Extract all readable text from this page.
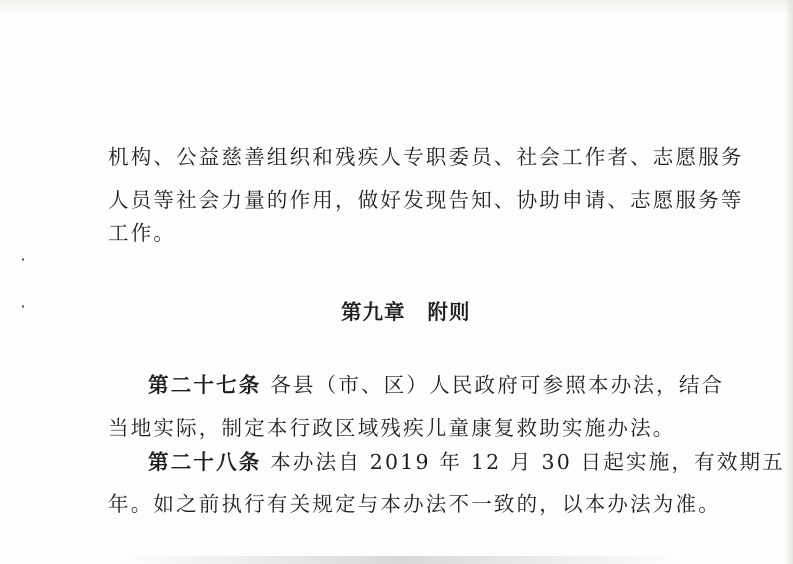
机构、公益慈善组织和残疾人专职委员、社会工作者、志愿服务
人员等社会力量的作用，做好发现告知、协助申请、志愿服务等
工作。
第九章 附则
第二十七条 各县（市、区）人民政府可参照本办法，结合
当地实际，制定本行政区域残疾儿童康复救助实施办法。
第二十八条 本办法自 2019 年 12 月 30 日起实施，有效期五
年。如之前执行有关规定与本办法不一致的，以本办法为准。
